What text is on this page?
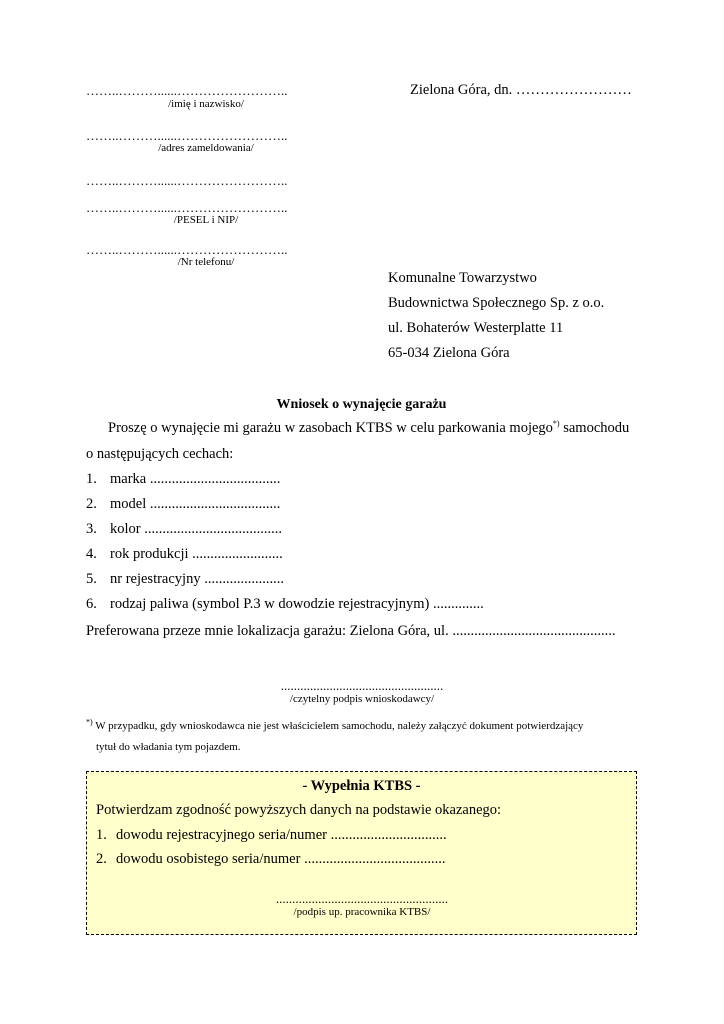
……..………......……………………..
/imię i nazwisko/
……..………......……………………..
/adres zameldowania/
……..………......……………………..
……..………......……………………..
/PESEL i NIP/
……..………......……………………..
/Nr telefonu/
Zielona Góra, dn. ……………………
Komunalne Towarzystwo
Budownictwa Społecznego Sp. z o.o.
ul. Bohaterów Westerplatte 11
65-034 Zielona Góra
Wniosek o wynajęcie garażu
Proszę o wynajęcie mi garażu w zasobach KTBS w celu parkowania mojego*) samochodu
o następujących cechach:
1. marka ....................................
2. model ....................................
3. kolor ......................................
4. rok produkcji .........................
5. nr rejestracyjny ......................
6. rodzaj paliwa (symbol P.3 w dowodzie rejestracyjnym) ..............
Preferowana przeze mnie lokalizacja garażu: Zielona Góra, ul. .............................................
..................................................
/czytelny podpis wnioskodawcy/
*) W przypadku, gdy wnioskodawca nie jest właścicielem samochodu, należy załączyć dokument potwierdzający
tytuł do władania tym pojazdem.
- Wypełnia KTBS -
Potwierdzam zgodność powyższych danych na podstawie okazanego:
1. dowodu rejestracyjnego seria/numer ................................
2. dowodu osobistego seria/numer .......................................
.....................................................
/podpis up. pracownika KTBS/
